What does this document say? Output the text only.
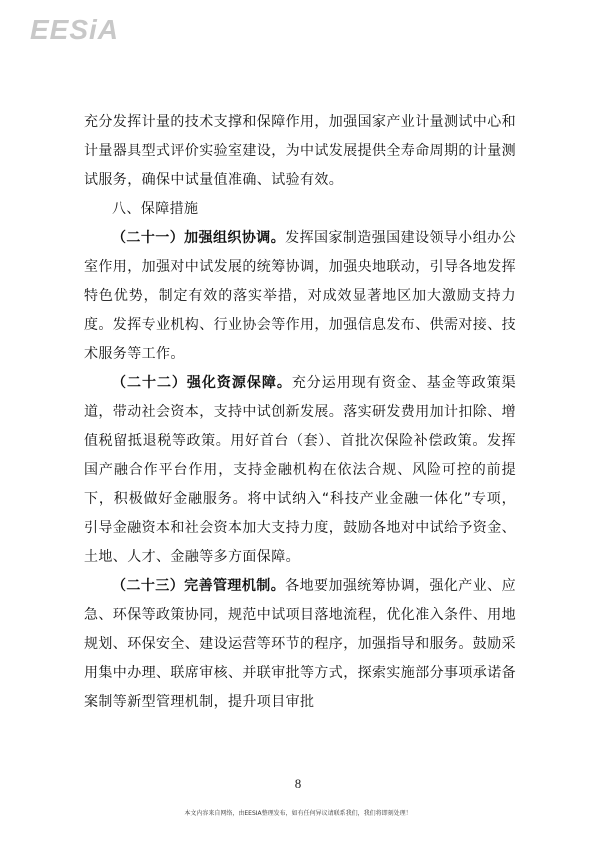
EESiA

充分发挥计量的技术支撑和保障作用，加强国家产业计量测试中心和计量器具型式评价实验室建设，为中试发展提供全寿命周期的计量测试服务，确保中试量值准确、试验有效。

八、保障措施

（二十一）加强组织协调。发挥国家制造强国建设领导小组办公室作用，加强对中试发展的统筹协调，加强央地联动，引导各地发挥特色优势，制定有效的落实举措，对成效显著地区加大激励支持力度。发挥专业机构、行业协会等作用，加强信息发布、供需对接、技术服务等工作。

（二十二）强化资源保障。充分运用现有资金、基金等政策渠道，带动社会资本，支持中试创新发展。落实研发费用加计扣除、增值税留抵退税等政策。用好首台（套）、首批次保险补偿政策。发挥国产融合作平台作用，支持金融机构在依法合规、风险可控的前提下，积极做好金融服务。将中试纳入“科技产业金融一体化”专项，引导金融资本和社会资本加大支持力度，鼓励各地对中试给予资金、土地、人才、金融等多方面保障。

（二十三）完善管理机制。各地要加强统筹协调，强化产业、应急、环保等政策协同，规范中试项目落地流程，优化准入条件、用地规划、环保安全、建设运营等环节的程序，加强指导和服务。鼓励采用集中办理、联席审核、并联审批等方式，探索实施部分事项承诺备案制等新型管理机制，提升项目审批

8
本文内容来自网络，由EESIA整理发布，如有任何异议请联系我们，我们将即刻处理！
